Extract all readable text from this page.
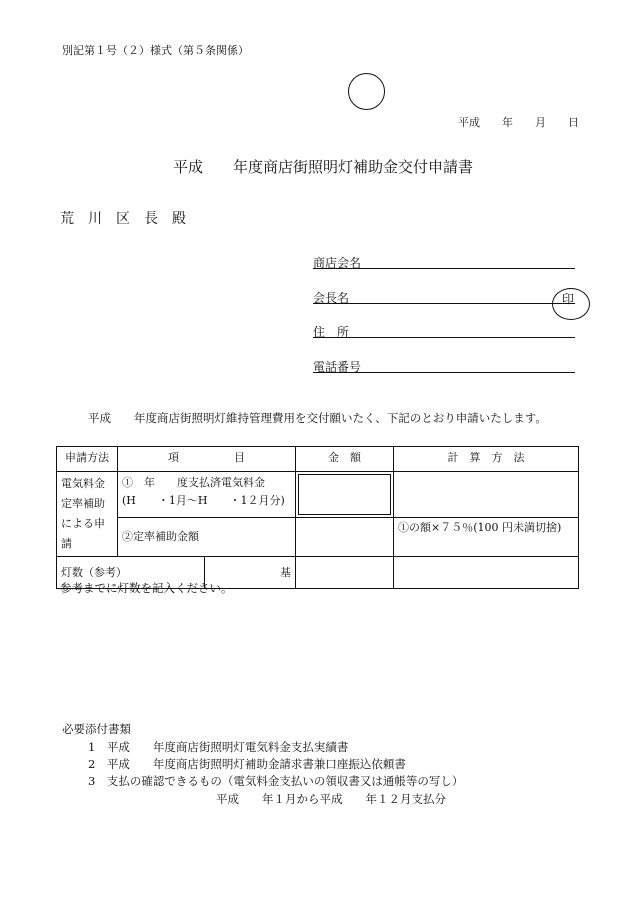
別記第１号（２）様式（第５条関係）
平成　　年　　月　　日
平成　　年度商店街照明灯補助金交付申請書
荒　川　区　長　殿
商店会名
会長名	印
住　所
電話番号
平成　　年度商店街照明灯維持管理費用を交付願いたく、下記のとおり申請いたします。
申請方法	項　　　　　目		金　額	計　算　方　法
電気料金定率補助による申請	①　年　　度支払済電気料金
(H　　・1月〜H　　・1２月分)			

	②定率補助金額			①の額×７５％(100 円未満切捨)
灯数（参考）		基		
参考までに灯数を記入ください。
必要添付書類
1　平成　　年度商店街照明灯電気料金支払実績書
2　平成　　年度商店街照明灯補助金請求書兼口座振込依頼書
3　支払の確認できるもの（電気料金支払いの領収書又は通帳等の写し）
平成　　年１月から平成　　年１２月支払分
